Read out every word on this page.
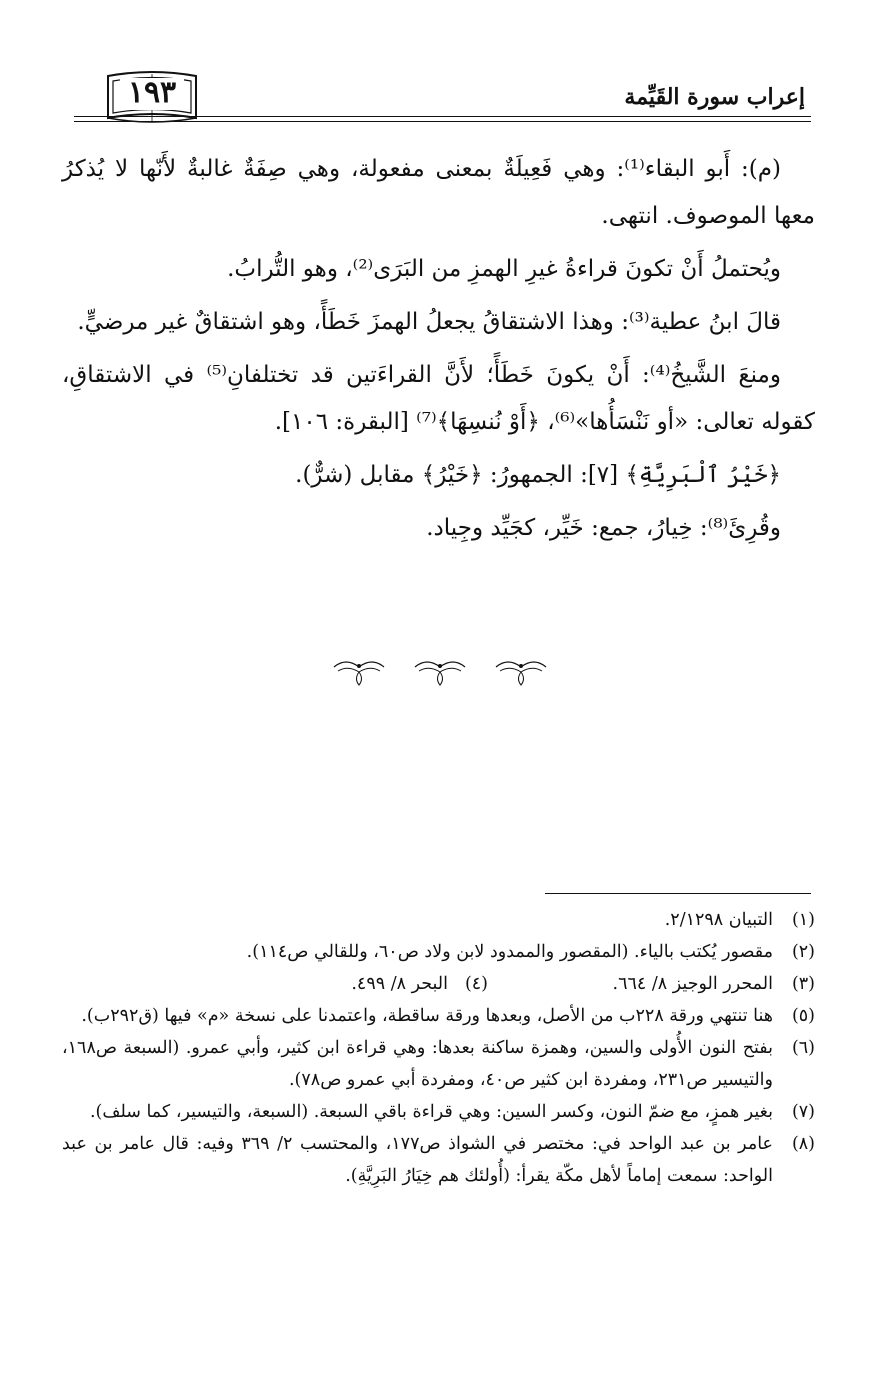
إعراب سورة القَيِّمة
١٩٣

(م): أَبو البقاء⁽¹⁾: وهي فَعِيلَةٌ بمعنى مفعولة، وهي صِفَةٌ غالبةٌ لأَنّها لا يُذكرُ معها الموصوف. انتهى.

ويُحتملُ أَنْ تكونَ قراءةُ غيرِ الهمزِ من البَرَى⁽²⁾، وهو التُّرابُ.

قالَ ابنُ عطية⁽³⁾: وهذا الاشتقاقُ يجعلُ الهمزَ خَطَأً، وهو اشتقاقٌ غير مرضيٍّ.

ومنعَ الشَّيخُ⁽⁴⁾: أَنْ يكونَ خَطَأً؛ لأَنَّ القراءَتين قد تختلفانِ⁽⁵⁾ في الاشتقاقِ، كقوله تعالى: «أو نَنْسَأُها»⁽⁶⁾، ﴿أَوْ نُنسِهَا﴾⁽⁷⁾ [البقرة: ١٠٦].

﴿خَيْرُ ٱلْبَرِيَّةِ﴾ [٧]: الجمهورُ: ﴿خَيْرُ﴾ مقابل (شرٌّ).

وقُرِئَ⁽⁸⁾: خِيارُ، جمع: خَيِّر، كجَيِّد وجِياد.

(١)
التبيان ٢/١٢٩٨.
(٢)
مقصور يُكتب بالياء. (المقصور والممدود لابن ولاد ص٦٠، وللقالي ص١١٤).
(٣)
المحرر الوجيز ٨/ ٦٦٤.
(٤)
البحر ٨/ ٤٩٩.
(٥)
هنا تنتهي ورقة ٢٢٨ب من الأصل، وبعدها ورقة ساقطة، واعتمدنا على نسخة «م» فيها (ق٢٩٢ب).
(٦)
بفتح النون الأُولى والسين، وهمزة ساكنة بعدها: وهي قراءة ابن كثير، وأبي عمرو. (السبعة ص١٦٨، والتيسير ص٢٣١، ومفردة ابن كثير ص٤٠، ومفردة أبي عمرو ص٧٨).
(٧)
بغير همزٍ، مع ضمّ النون، وكسر السين: وهي قراءة باقي السبعة. (السبعة، والتيسير، كما سلف).
(٨)
عامر بن عبد الواحد في: مختصر في الشواذ ص١٧٧، والمحتسب ٢/ ٣٦٩ وفيه: قال عامر بن عبد الواحد: سمعت إماماً لأهل مكّة يقرأ: (أُولئك هم خِيَارُ البَرِيَّةِ).
